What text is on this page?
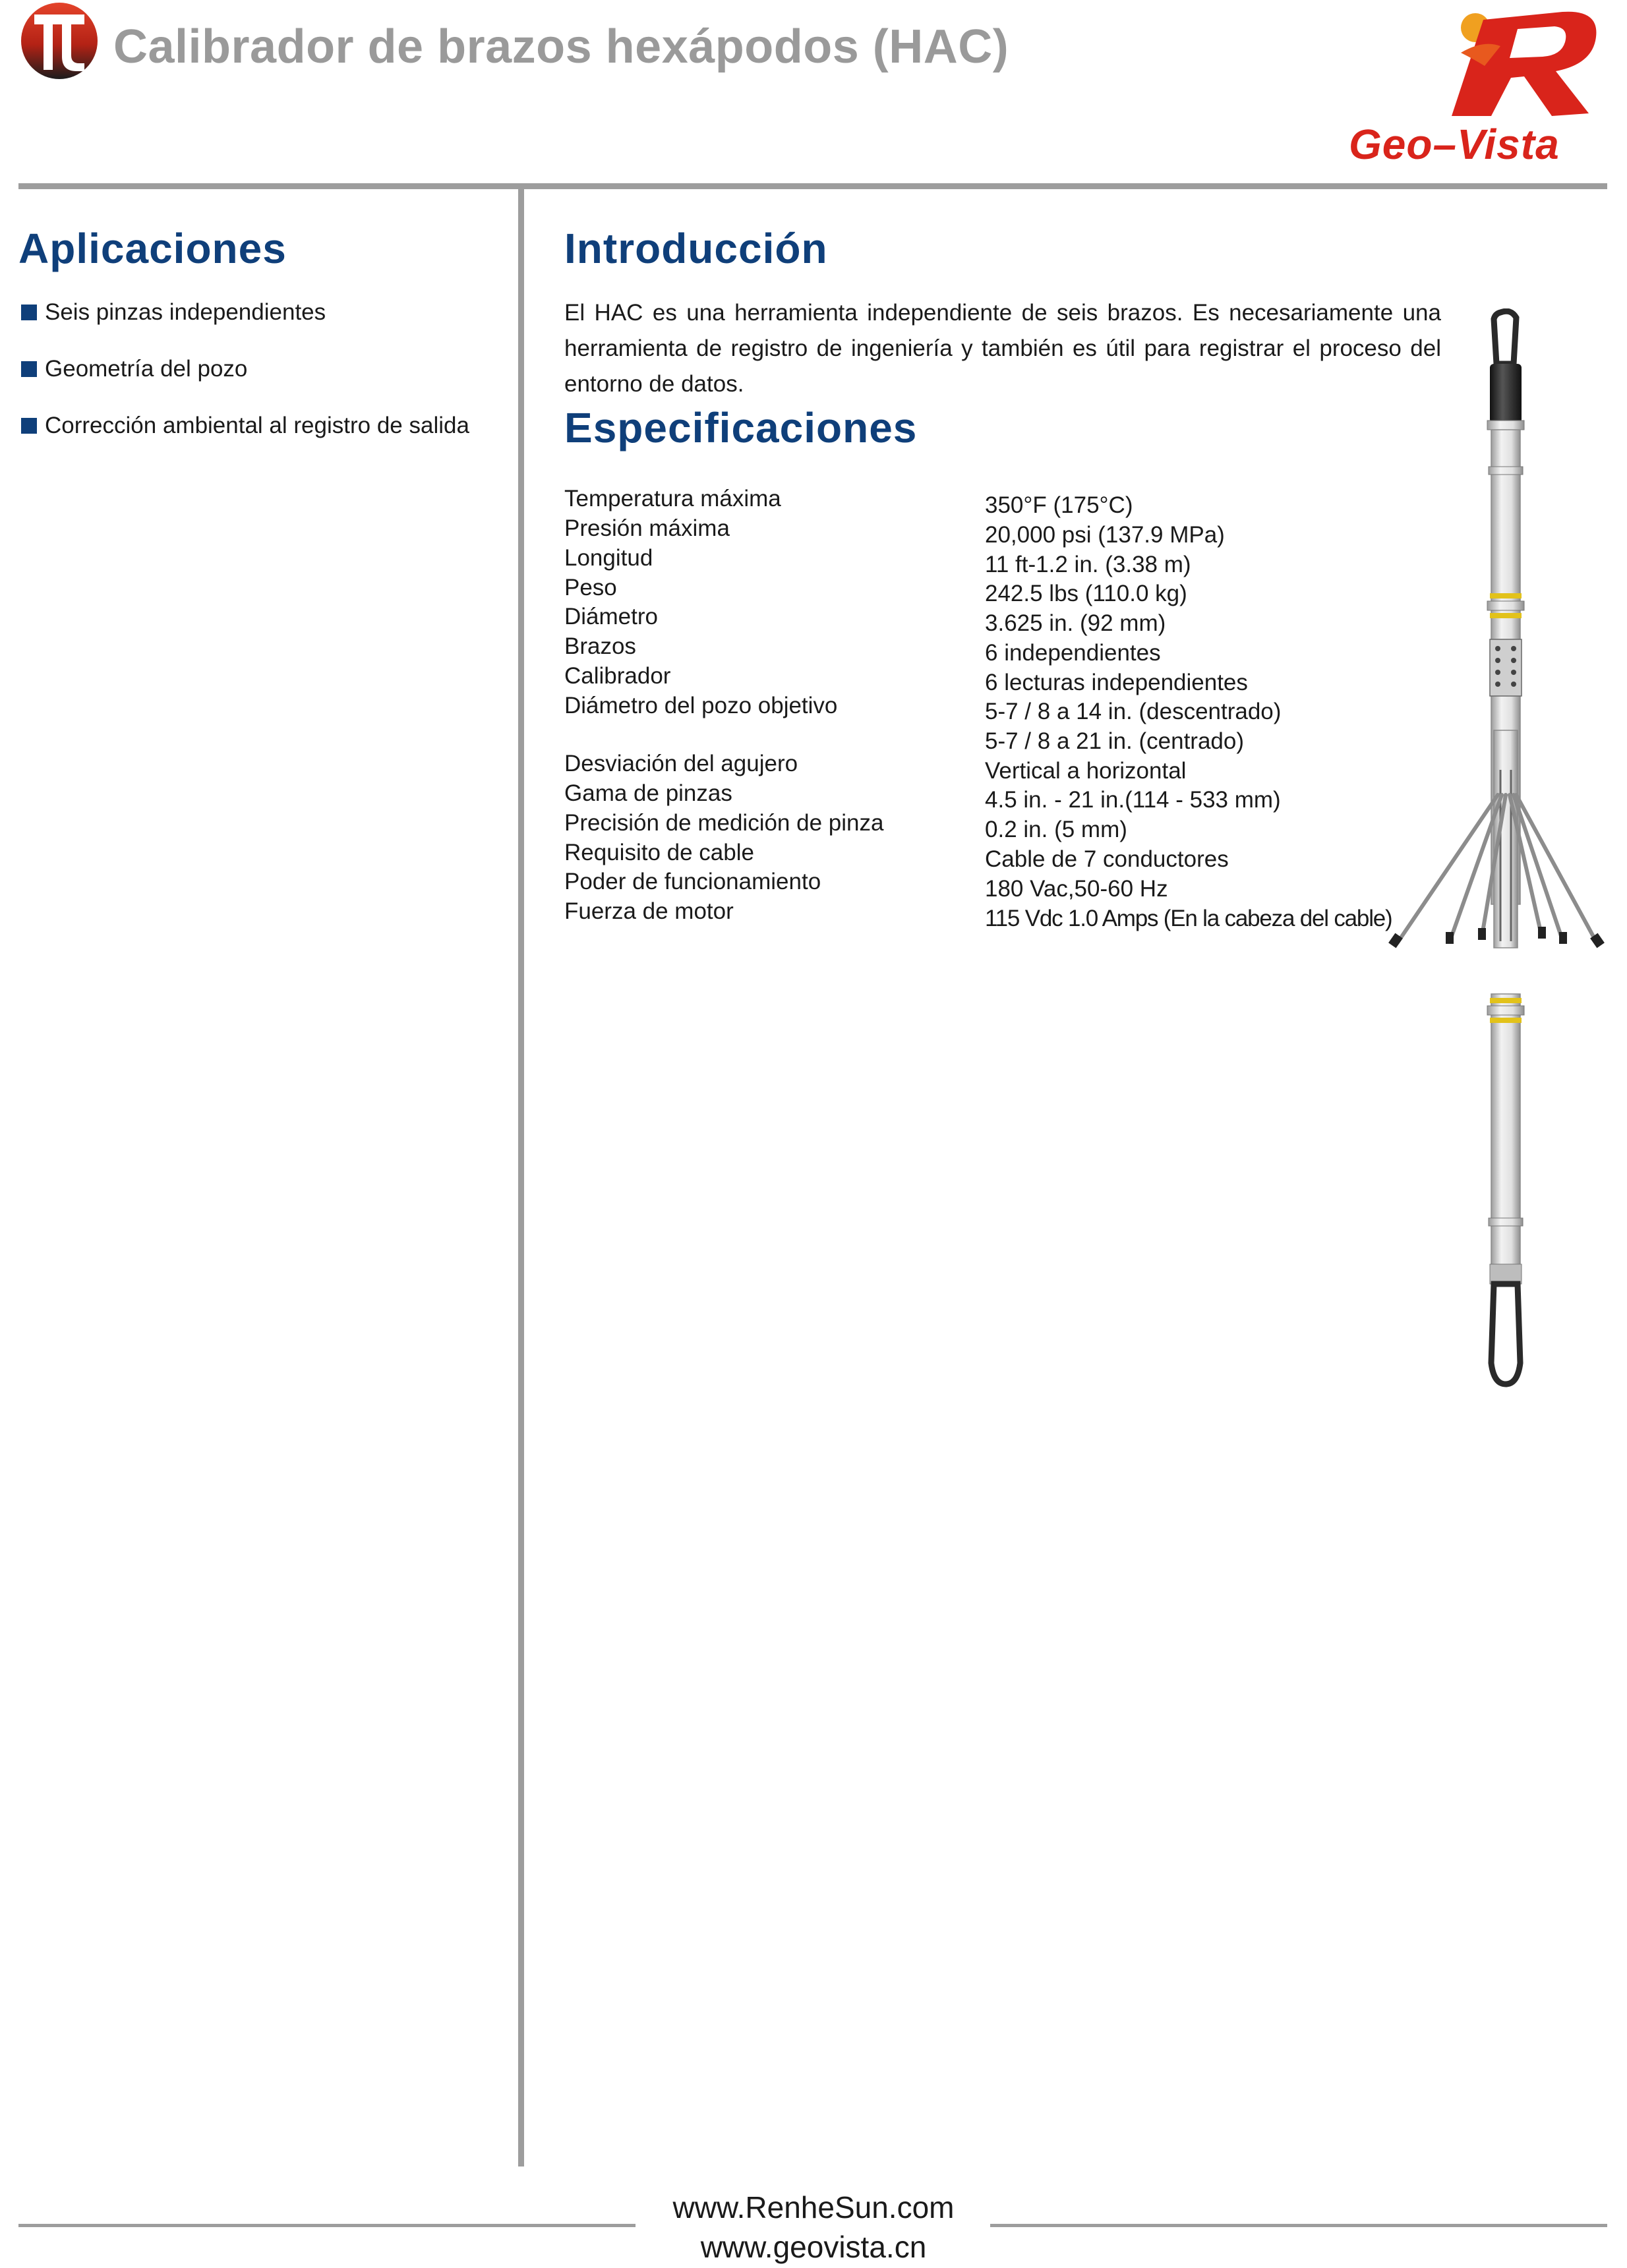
Calibrador de brazos hexápodos (HAC)
Geo–Vista
Aplicaciones
Seis pinzas independientes
Geometría del pozo
Corrección ambiental al registro de salida
Introducción
El HAC es una herramienta independiente de seis brazos. Es necesariamente una herramienta de registro de ingeniería y también es útil para registrar el proceso del entorno de datos.
Especificaciones
Temperatura máxima
Presión máxima
Longitud
Peso
Diámetro
Brazos
Calibrador
Diámetro del pozo objetivo
Desviación del agujero
Gama de pinzas
Precisión de medición de pinza
Requisito de cable
Poder de funcionamiento
Fuerza de motor
350°F (175°C)
20,000 psi (137.9 MPa)
11 ft-1.2 in. (3.38 m)
242.5 lbs (110.0 kg)
3.625 in. (92 mm)
6 independientes
6 lecturas independientes
5-7 / 8 a 14 in. (descentrado)
5-7 / 8 a 21 in. (centrado)
Vertical a horizontal
4.5 in. - 21 in.(114 - 533 mm)
0.2 in. (5 mm)
Cable de 7 conductores
180 Vac,50-60 Hz
115 Vdc 1.0 Amps (En la cabeza del cable)
www.RenheSun.com
www.geovista.cn
